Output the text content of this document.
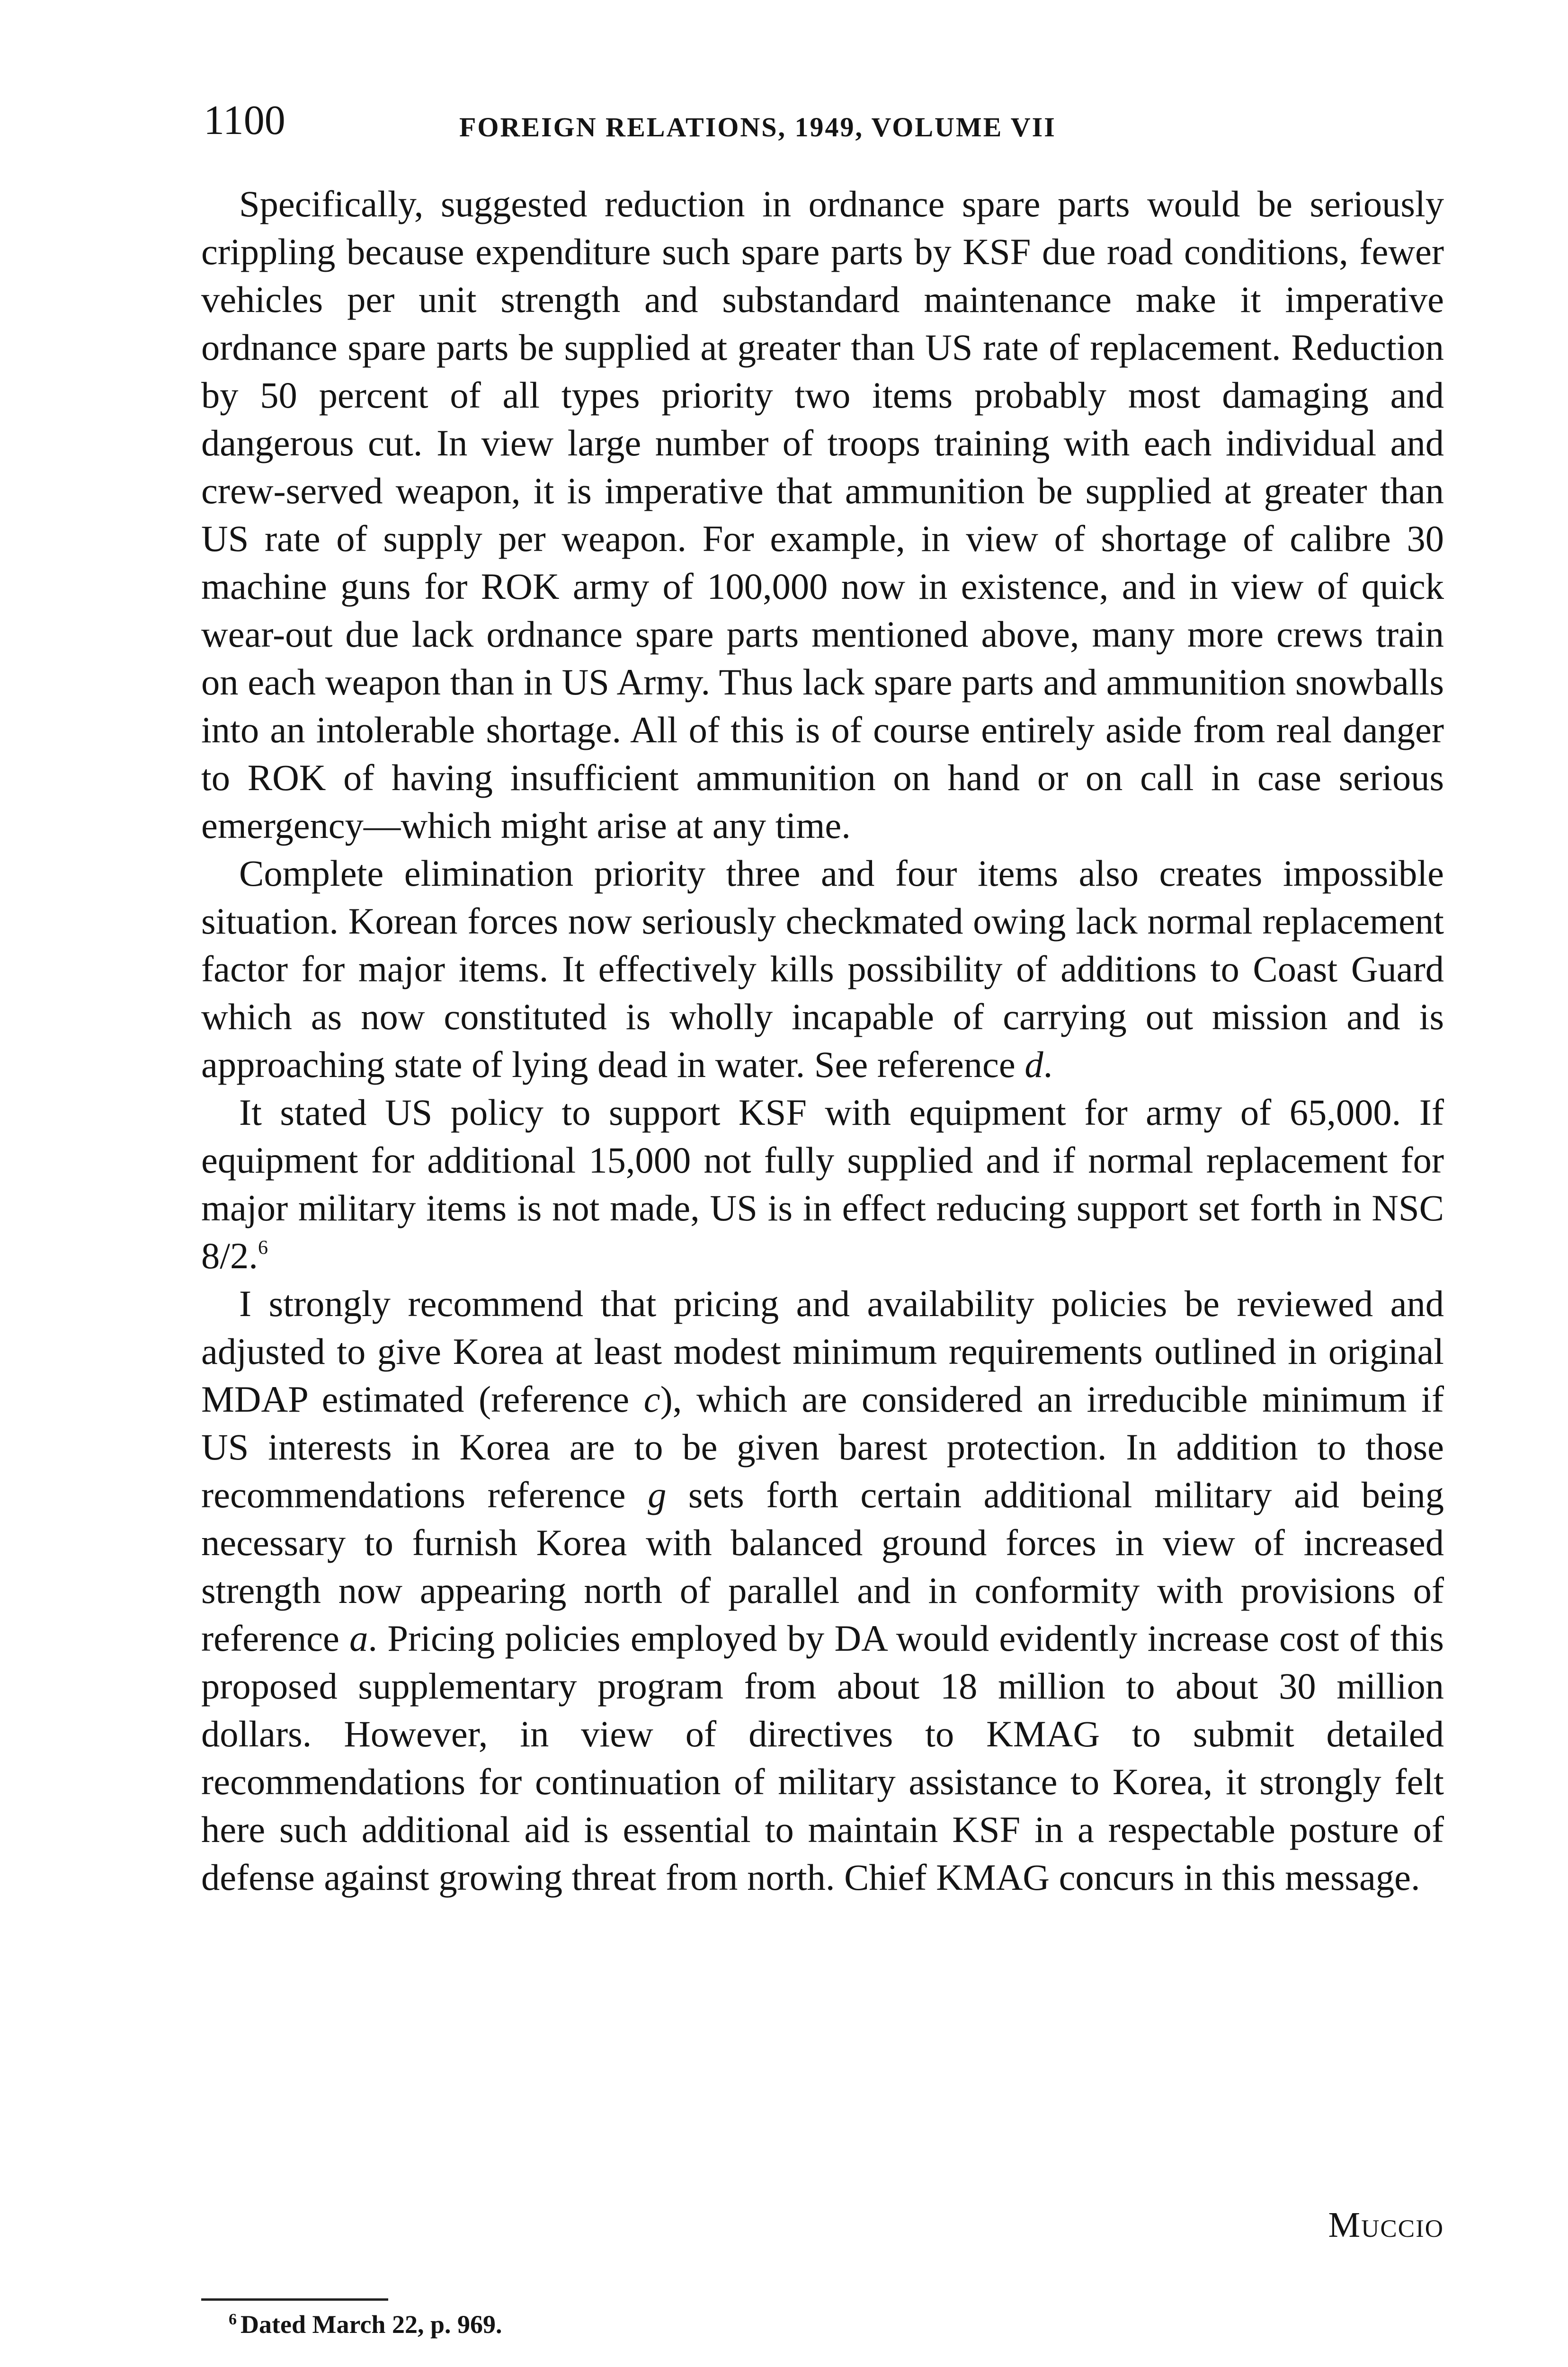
1100	FOREIGN RELATIONS, 1949, VOLUME VII

Specifically, suggested reduction in ordnance spare parts would be seriously crippling because expenditure such spare parts by KSF due road conditions, fewer vehicles per unit strength and substandard maintenance make it imperative ordnance spare parts be supplied at greater than US rate of replacement. Reduction by 50 percent of all types priority two items probably most damaging and dangerous cut. In view large number of troops training with each individual and crew-served weapon, it is imperative that ammunition be supplied at greater than US rate of supply per weapon. For example, in view of shortage of calibre 30 machine guns for ROK army of 100,000 now in existence, and in view of quick wear-out due lack ordnance spare parts mentioned above, many more crews train on each weapon than in US Army. Thus lack spare parts and ammunition snowballs into an intolerable shortage. All of this is of course entirely aside from real danger to ROK of having insufficient ammunition on hand or on call in case serious emergency—which might arise at any time.

Complete elimination priority three and four items also creates impossible situation. Korean forces now seriously checkmated owing lack normal replacement factor for major items. It effectively kills possibility of additions to Coast Guard which as now constituted is wholly incapable of carrying out mission and is approaching state of lying dead in water. See reference d.

It stated US policy to support KSF with equipment for army of 65,000. If equipment for additional 15,000 not fully supplied and if normal replacement for major military items is not made, US is in effect reducing support set forth in NSC 8/2.$^6$

I strongly recommend that pricing and availability policies be reviewed and adjusted to give Korea at least modest minimum requirements outlined in original MDAP estimated (reference c), which are considered an irreducible minimum if US interests in Korea are to be given barest protection. In addition to those recommendations reference g sets forth certain additional military aid being necessary to furnish Korea with balanced ground forces in view of increased strength now appearing north of parallel and in conformity with provisions of reference a. Pricing policies employed by DA would evidently increase cost of this proposed supplementary program from about 18 million to about 30 million dollars. However, in view of directives to KMAG to submit detailed recommendations for continuation of military assistance to Korea, it strongly felt here such additional aid is essential to maintain KSF in a respectable posture of defense against growing threat from north. Chief KMAG concurs in this message.

Muccio
$^6$ Dated March 22, p. 969.
